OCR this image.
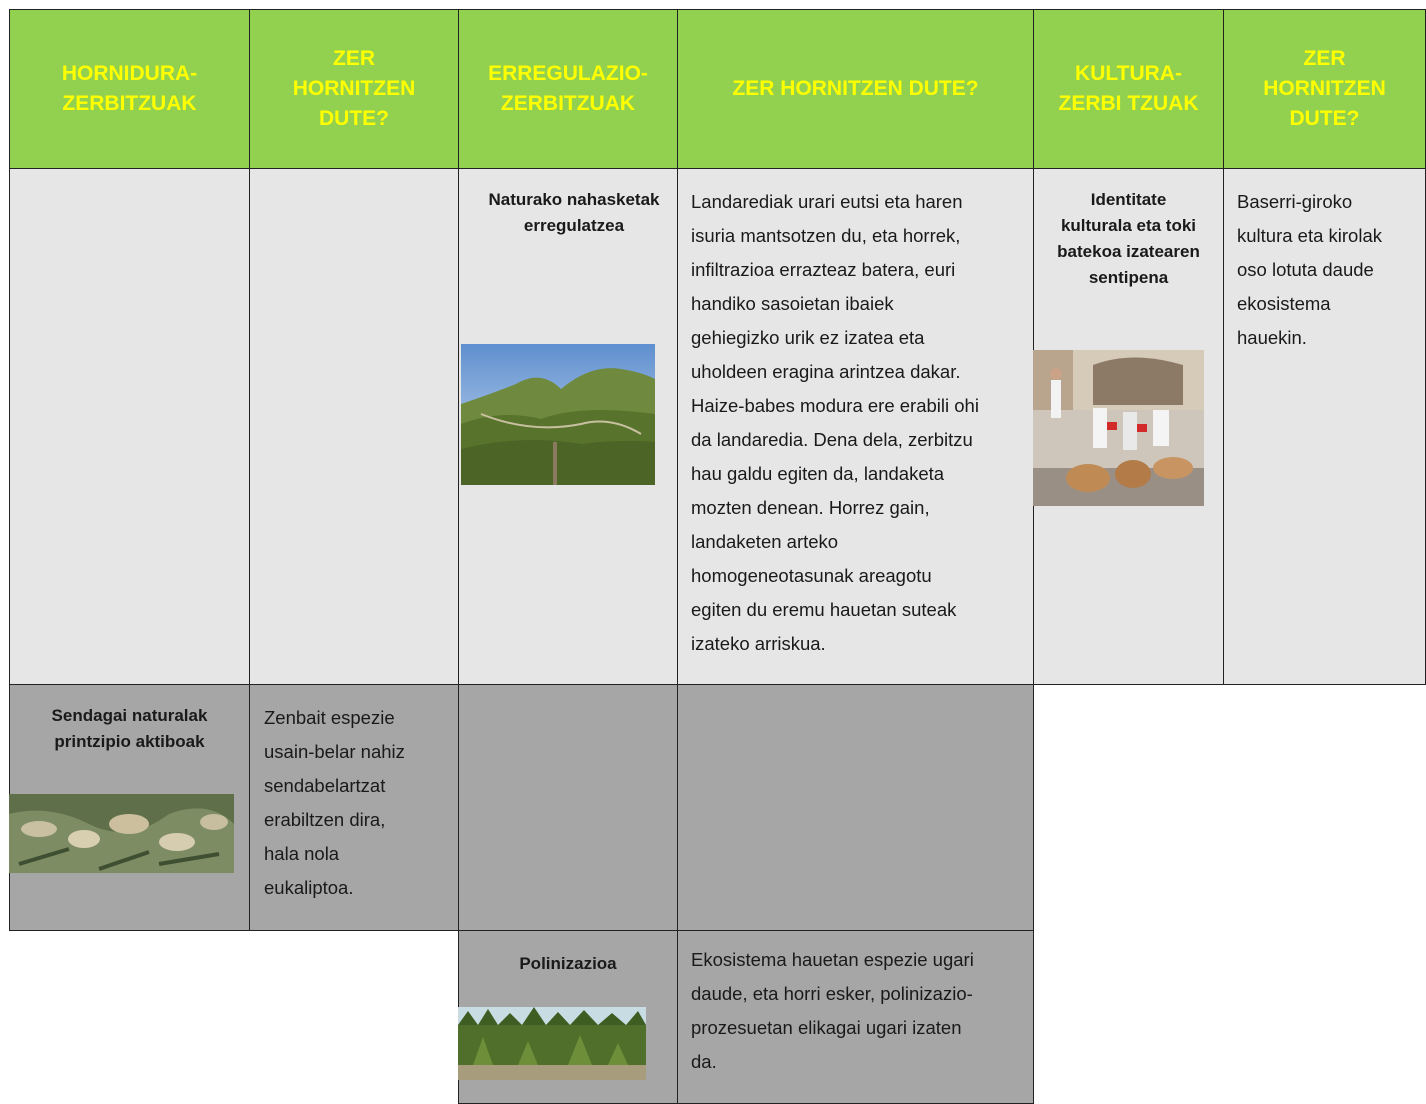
HORNIDURA-
ZERBITZUAK
ZER
HORNITZEN
DUTE?
ERREGULAZIO-
ZERBITZUAK
ZER HORNITZEN DUTE?
KULTURA-
ZERBI TZUAK
ZER
HORNITZEN
DUTE?
Naturako nahasketak
erregulatzea
Landarediak urari eutsi eta haren
isuria mantsotzen du, eta horrek,
infiltrazioa errazteaz batera, euri
handiko sasoietan ibaiek
gehiegizko urik ez izatea eta
uholdeen eragina arintzea dakar.
Haize-babes modura ere erabili ohi
da landaredia. Dena dela, zerbitzu
hau galdu egiten da, landaketa
mozten denean. Horrez gain,
landaketen arteko
homogeneotasunak areagotu
egiten du eremu hauetan suteak
izateko arriskua.
Identitate
kulturala eta toki
batekoa izatearen
sentipena
Baserri-giroko
kultura eta kirolak
oso lotuta daude
ekosistema
hauekin.
Sendagai naturalak
printzipio aktiboak
Zenbait espezie
usain-belar nahiz
sendabelartzat
erabiltzen dira,
hala nola
eukaliptoa.
Polinizazioa	Ekosistema hauetan espezie ugari
daude, eta horri esker, polinizazio-
prozesuetan elikagai ugari izaten
da.
